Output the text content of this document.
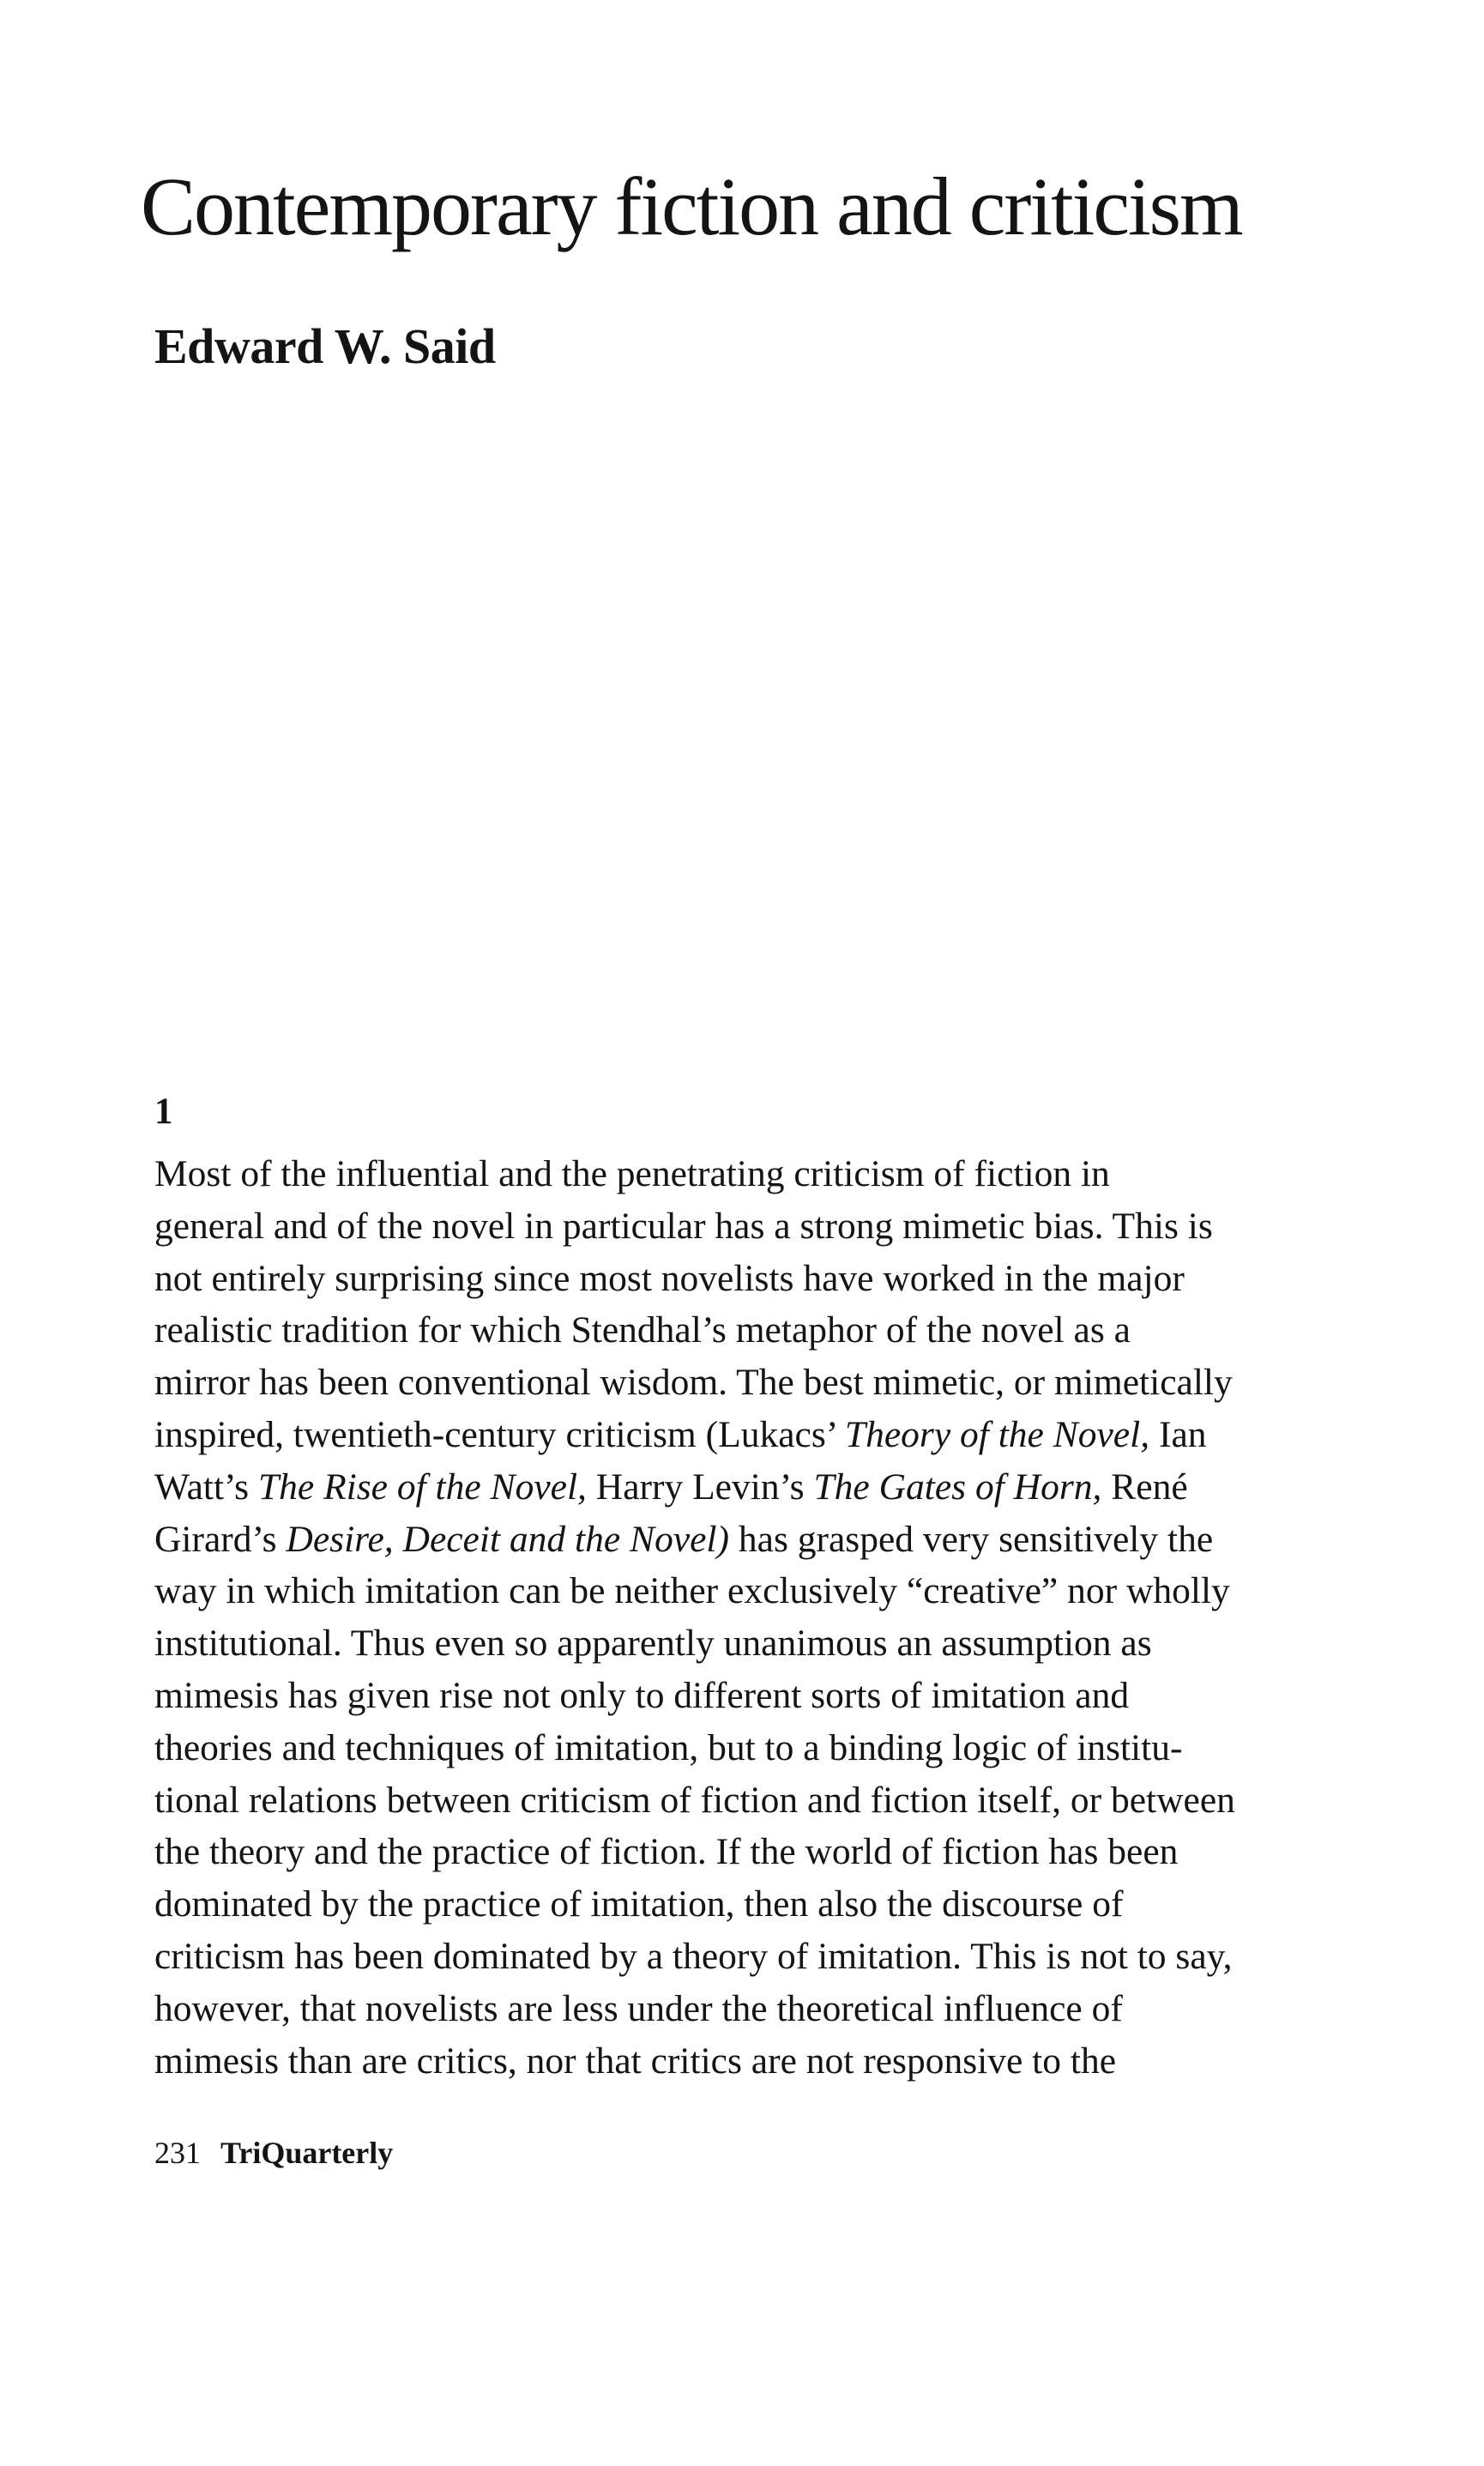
Contemporary fiction and criticism
Edward W. Said
1
Most of the influential and the penetrating criticism of fiction in
general and of the novel in particular has a strong mimetic bias. This is
not entirely surprising since most novelists have worked in the major
realistic tradition for which Stendhal’s metaphor of the novel as a
mirror has been conventional wisdom. The best mimetic, or mimetically
inspired, twentieth-century criticism (Lukacs’ Theory of the Novel, Ian
Watt’s The Rise of the Novel, Harry Levin’s The Gates of Horn, René
Girard’s Desire, Deceit and the Novel) has grasped very sensitively the
way in which imitation can be neither exclusively “creative” nor wholly
institutional. Thus even so apparently unanimous an assumption as
mimesis has given rise not only to different sorts of imitation and
theories and techniques of imitation, but to a binding logic of institu-
tional relations between criticism of fiction and fiction itself, or between
the theory and the practice of fiction. If the world of fiction has been
dominated by the practice of imitation, then also the discourse of
criticism has been dominated by a theory of imitation. This is not to say,
however, that novelists are less under the theoretical influence of
mimesis than are critics, nor that critics are not responsive to the
231 TriQuarterly
